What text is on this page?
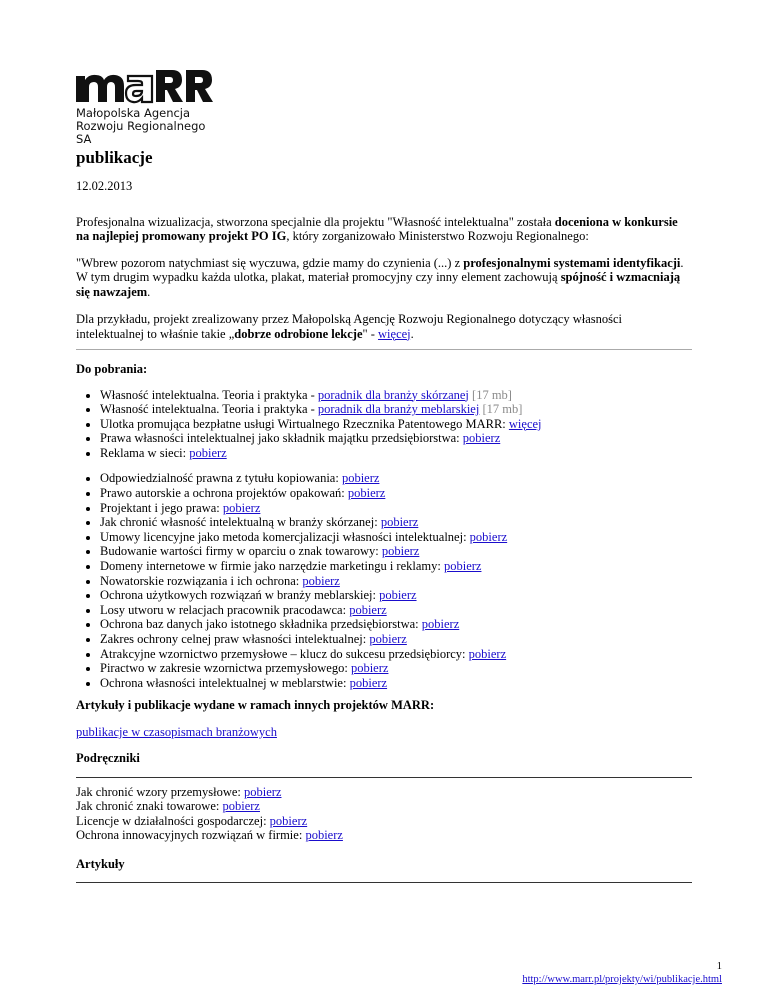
Małopolska Agencja
Rozwoju Regionalnego SA
publikacje
12.02.2013

Profesjonalna wizualizacja, stworzona specjalnie dla projektu "Własność intelektualna" została doceniona w konkursie na najlepiej promowany projekt PO IG, który zorganizowało Ministerstwo Rozwoju Regionalnego:

"Wbrew pozorom natychmiast się wyczuwa, gdzie mamy do czynienia (...) z profesjonalnymi systemami identyfikacji. W tym drugim wypadku każda ulotka, plakat, materiał promocyjny czy inny element zachowują spójność i wzmacniają się nawzajem.

Dla przykładu, projekt zrealizowany przez Małopolską Agencję Rozwoju Regionalnego dotyczący własności intelektualnej to właśnie takie „dobrze odrobione lekcje" - więcej.

Do pobrania:
• Własność intelektualna. Teoria i praktyka - poradnik dla branży skórzanej [17 mb]
• Własność intelektualna. Teoria i praktyka - poradnik dla branży meblarskiej [17 mb]
• Ulotka promująca bezpłatne usługi Wirtualnego Rzecznika Patentowego MARR: więcej
• Prawa własności intelektualnej jako składnik majątku przedsiębiorstwa: pobierz
• Reklama w sieci: pobierz
• Odpowiedzialność prawna z tytułu kopiowania: pobierz
• Prawo autorskie a ochrona projektów opakowań: pobierz
• Projektant i jego prawa: pobierz
• Jak chronić własność intelektualną w branży skórzanej: pobierz
• Umowy licencyjne jako metoda komercjalizacji własności intelektualnej: pobierz
• Budowanie wartości firmy w oparciu o znak towarowy: pobierz
• Domeny internetowe w firmie jako narzędzie marketingu i reklamy: pobierz
• Nowatorskie rozwiązania i ich ochrona: pobierz
• Ochrona użytkowych rozwiązań w branży meblarskiej: pobierz
• Losy utworu w relacjach pracownik pracodawca: pobierz
• Ochrona baz danych jako istotnego składnika przedsiębiorstwa: pobierz
• Zakres ochrony celnej praw własności intelektualnej: pobierz
• Atrakcyjne wzornictwo przemysłowe – klucz do sukcesu przedsiębiorcy: pobierz
• Piractwo w zakresie wzornictwa przemysłowego: pobierz
• Ochrona własności intelektualnej w meblarstwie: pobierz
Artykuły i publikacje wydane w ramach innych projektów MARR:
publikacje w czasopismach branżowych
Podręczniki
Jak chronić wzory przemysłowe: pobierz
Jak chronić znaki towarowe: pobierz
Licencje w działalności gospodarczej: pobierz
Ochrona innowacyjnych rozwiązań w firmie: pobierz
Artykuły
1
http://www.marr.pl/projekty/wi/publikacje.html
